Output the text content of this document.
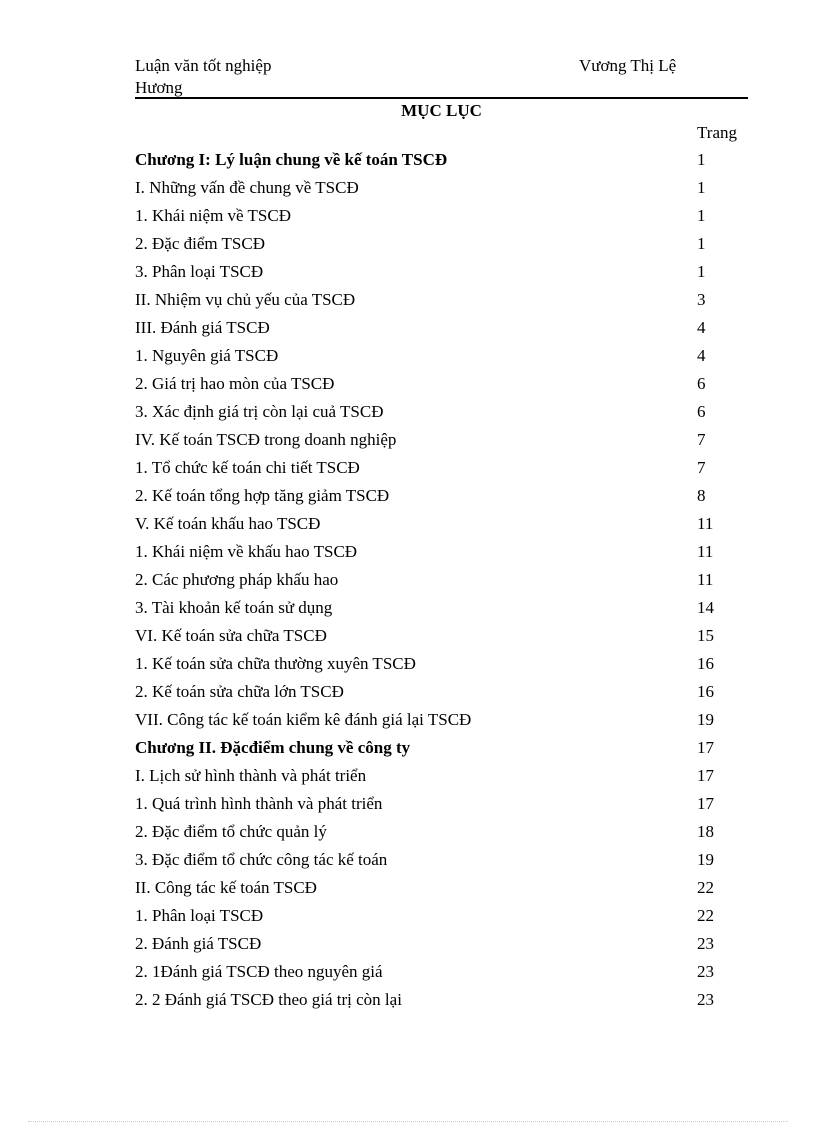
Luận văn tốt nghiệp
Hương
Vương Thị Lệ
MỤC LỤC
Trang
Chương I: Lý luận chung về kế toán TSCĐ	1
I. Những vấn đề chung về TSCĐ	1
1. Khái niệm về TSCĐ	1
2. Đặc điểm TSCĐ	1
3. Phân loại TSCĐ	1
II. Nhiệm vụ chủ yếu của TSCĐ	3
III. Đánh giá TSCĐ	4
1. Nguyên giá TSCĐ	4
2. Giá trị hao mòn của TSCĐ	6
3. Xác định giá trị còn lại cuả TSCĐ	6
IV. Kế toán TSCĐ trong doanh nghiệp	7
1. Tổ chức kế toán chi tiết TSCĐ	7
2. Kế toán tổng hợp tăng giảm TSCĐ	8
V. Kế toán khấu hao TSCĐ	11
1. Khái niệm về khấu hao TSCĐ	11
2. Các phương pháp khấu hao	11
3. Tài khoản kế toán sử dụng	14
VI. Kế toán sửa chữa TSCĐ	15
1. Kế toán sửa chữa thường xuyên TSCĐ	16
2. Kế toán sửa chữa lớn TSCĐ	16
VII. Công tác kế toán kiểm kê đánh giá lại TSCĐ	19
Chương II. Đặcđiểm chung về công ty	17
I. Lịch sử hình thành và phát triển	17
1. Quá trình hình thành và phát triển	17
2. Đặc điểm tổ chức quản lý	18
3. Đặc điểm tổ chức công tác kế toán	19
II. Công tác kế toán TSCĐ	22
1. Phân loại TSCĐ	22
2. Đánh giá TSCĐ	23
2. 1Đánh giá TSCĐ theo nguyên giá	23
2. 2 Đánh giá TSCĐ theo giá trị còn lại	23
